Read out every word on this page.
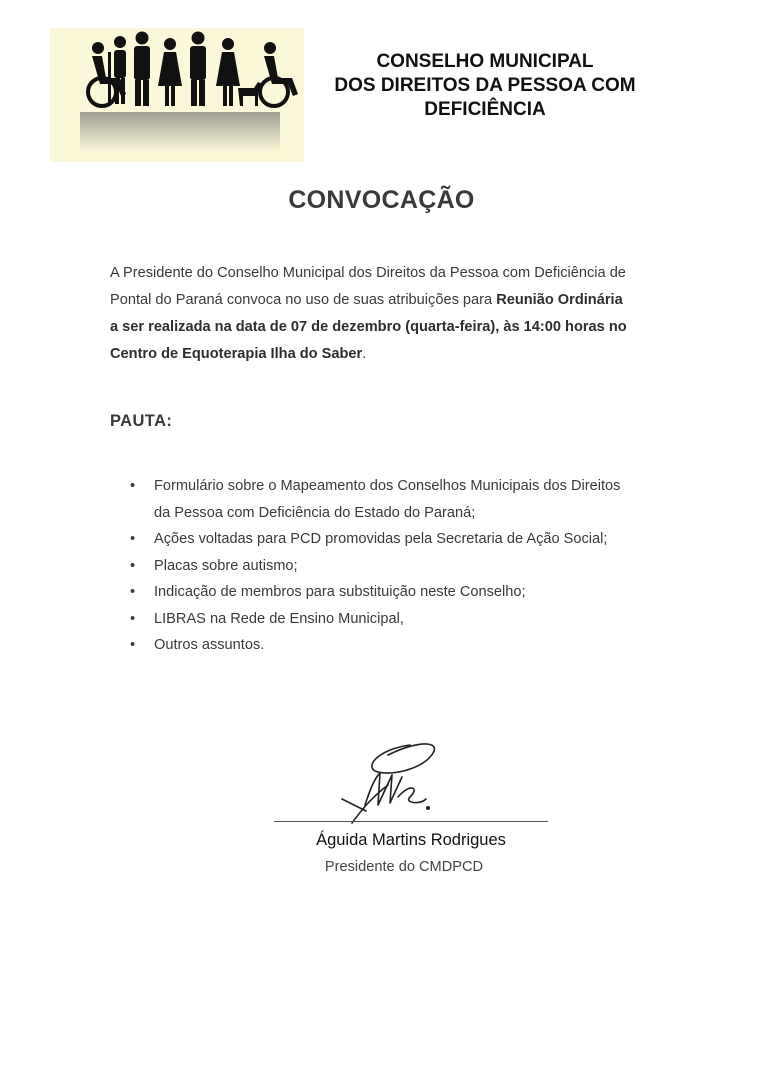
CONSELHO MUNICIPAL
DOS DIREITOS DA PESSOA COM
DEFICIÊNCIA
CONVOCAÇÃO
A Presidente do Conselho Municipal dos Direitos da Pessoa com Deficiência de
Pontal do Paraná convoca no uso de suas atribuições para Reunião Ordinária
a ser realizada na data de 07 de dezembro (quarta-feira), às 14:00 horas no
Centro de Equoterapia Ilha do Saber.
PAUTA:
• Formulário sobre o Mapeamento dos Conselhos Municipais dos Direitos
da Pessoa com Deficiência do Estado do Paraná;
• Ações voltadas para PCD promovidas pela Secretaria de Ação Social;
• Placas sobre autismo;
• Indicação de membros para substituição neste Conselho;
• LIBRAS na Rede de Ensino Municipal,
• Outros assuntos.
Águida Martins Rodrigues
Presidente do CMDPCD
